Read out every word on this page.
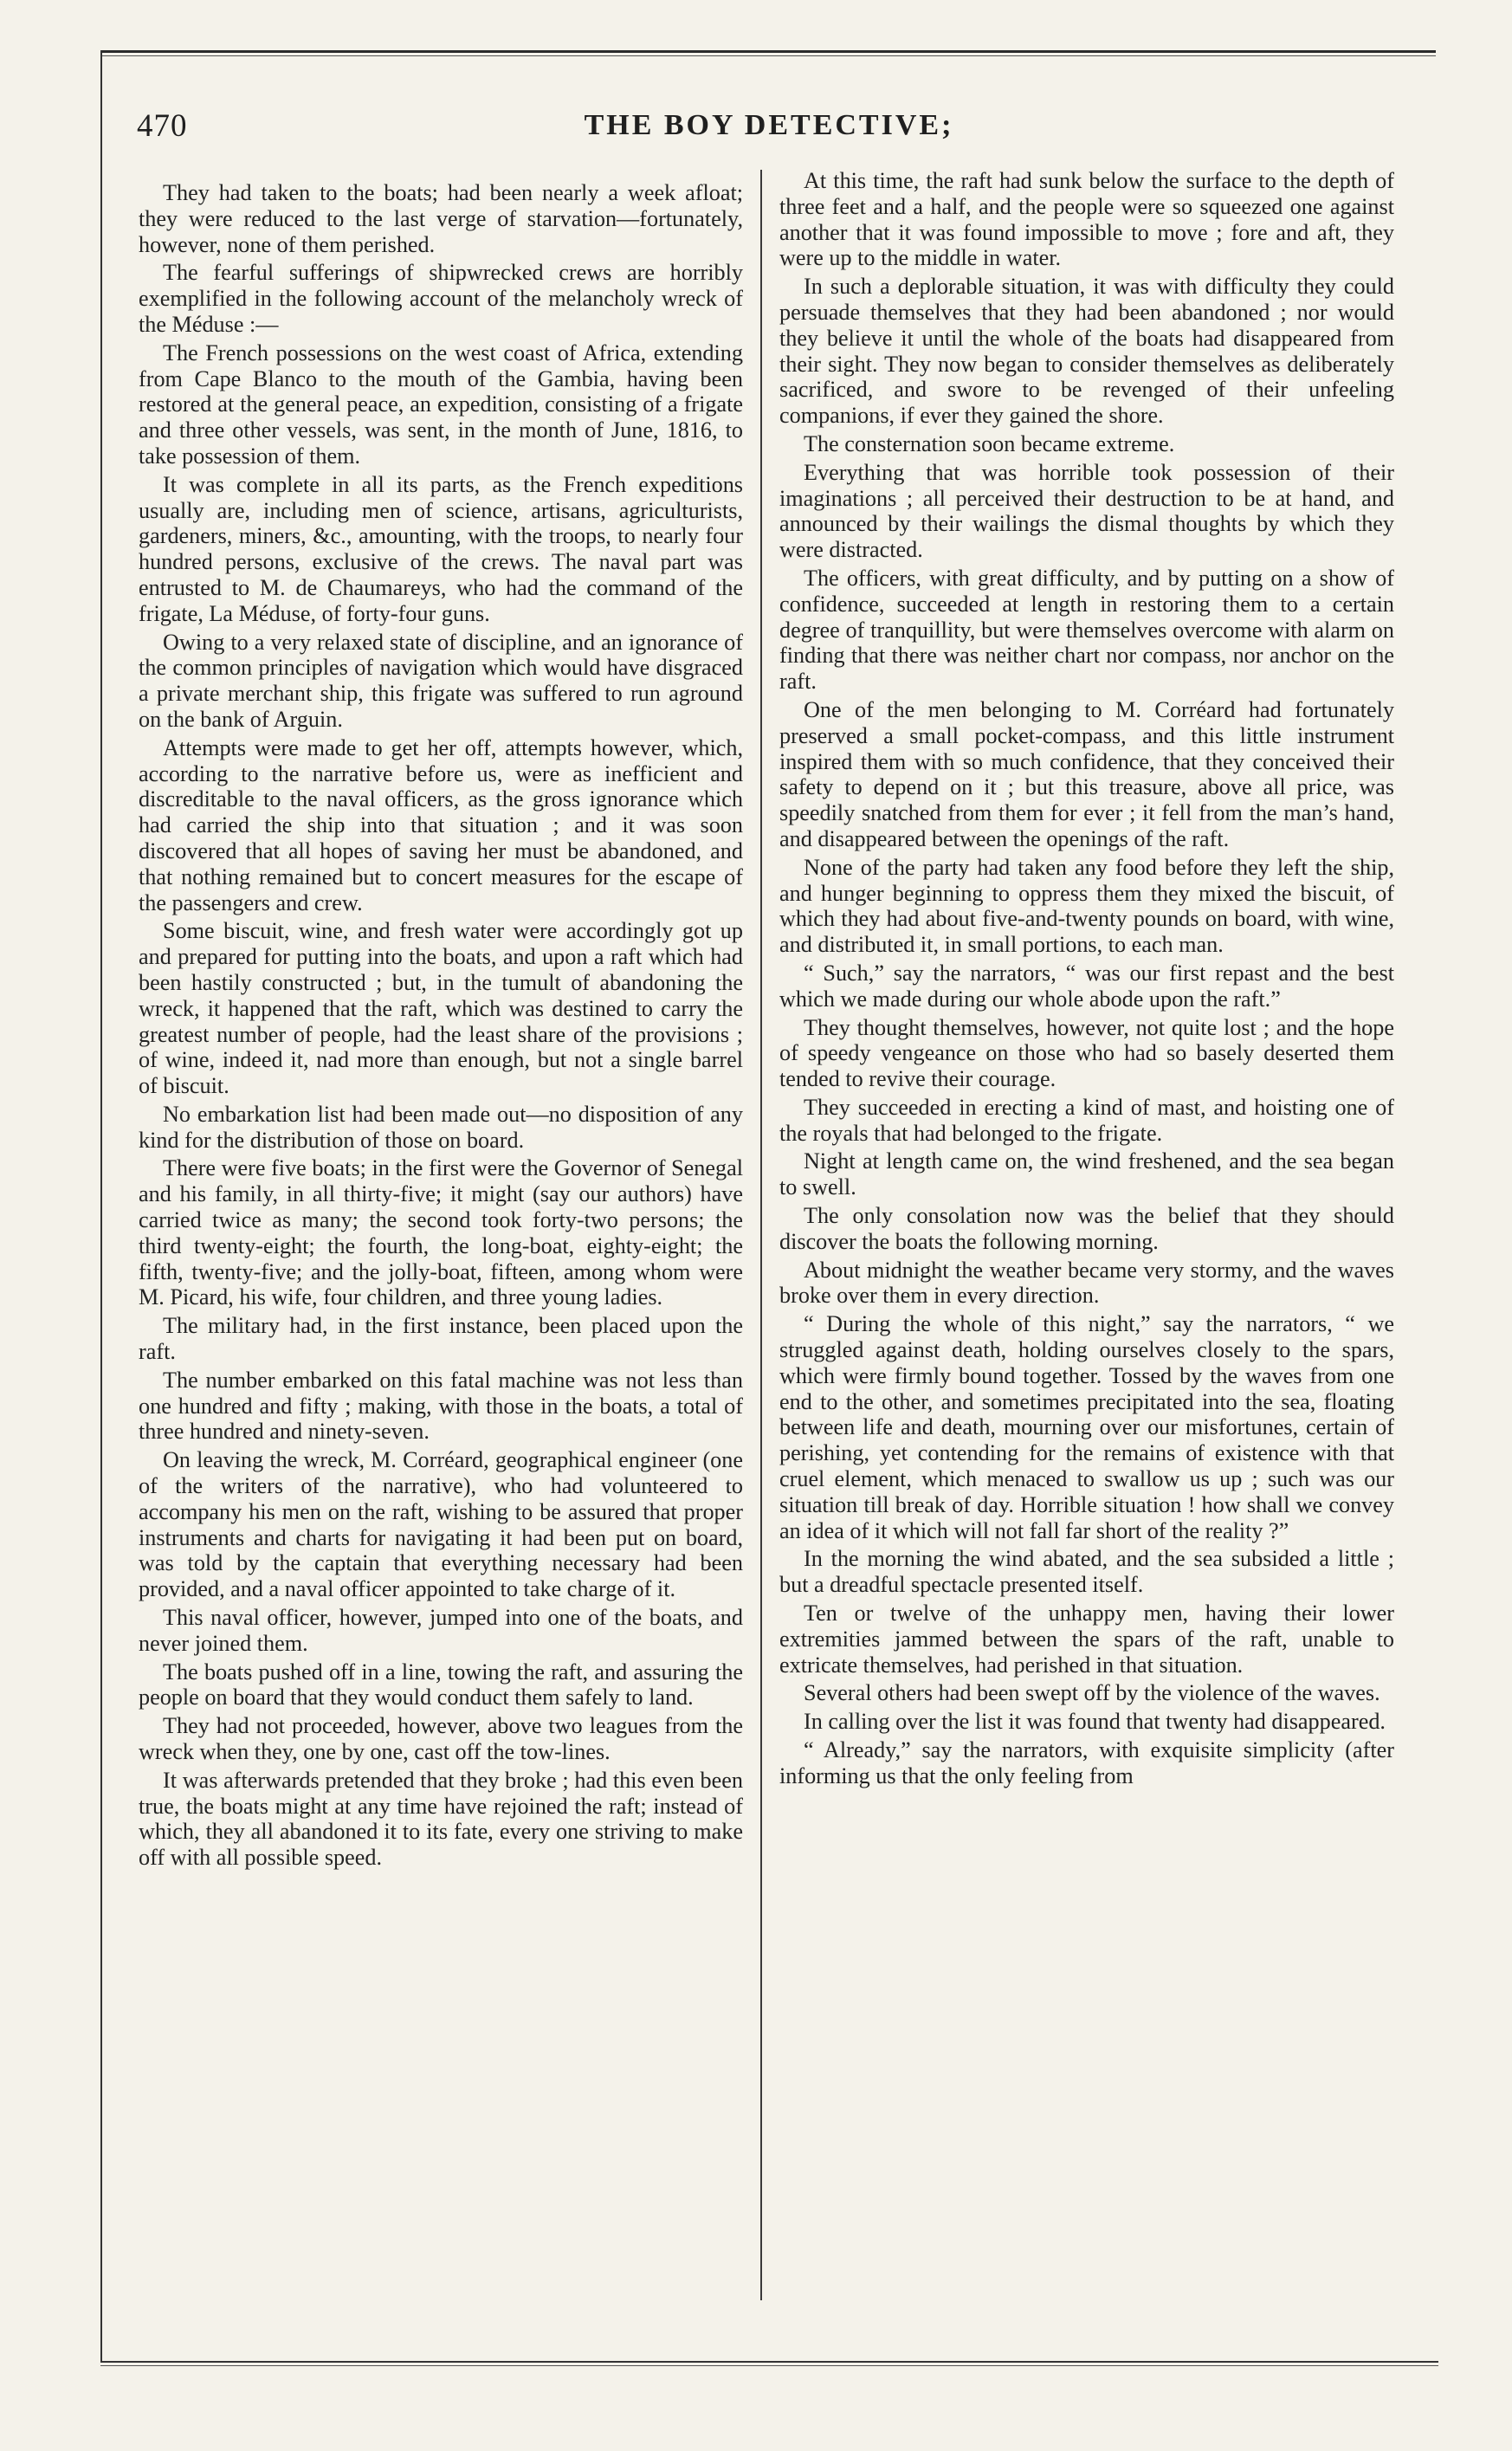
470	THE BOY DETECTIVE;

They had taken to the boats; had been nearly a week afloat; they were reduced to the last verge of starvation—fortunately, however, none of them perished.

The fearful sufferings of shipwrecked crews are horribly exemplified in the following account of the melancholy wreck of the Méduse :—

The French possessions on the west coast of Africa, extending from Cape Blanco to the mouth of the Gambia, having been restored at the general peace, an expedition, consisting of a frigate and three other vessels, was sent, in the month of June, 1816, to take possession of them.

It was complete in all its parts, as the French expeditions usually are, including men of science, artisans, agriculturists, gardeners, miners, &c., amounting, with the troops, to nearly four hundred persons, exclusive of the crews. The naval part was entrusted to M. de Chaumareys, who had the command of the frigate, La Méduse, of forty-four guns.

Owing to a very relaxed state of discipline, and an ignorance of the common principles of navigation which would have disgraced a private merchant ship, this frigate was suffered to run aground on the bank of Arguin.

Attempts were made to get her off, attempts however, which, according to the narrative before us, were as inefficient and discreditable to the naval officers, as the gross ignorance which had carried the ship into that situation ; and it was soon discovered that all hopes of saving her must be abandoned, and that nothing remained but to concert measures for the escape of the passengers and crew.

Some biscuit, wine, and fresh water were accordingly got up and prepared for putting into the boats, and upon a raft which had been hastily constructed ; but, in the tumult of abandoning the wreck, it happened that the raft, which was destined to carry the greatest number of people, had the least share of the provisions ; of wine, indeed it, nad more than enough, but not a single barrel of biscuit.

No embarkation list had been made out—no disposition of any kind for the distribution of those on board.

There were five boats; in the first were the Governor of Senegal and his family, in all thirty-five; it might (say our authors) have carried twice as many; the second took forty-two persons; the third twenty-eight; the fourth, the long-boat, eighty-eight; the fifth, twenty-five; and the jolly-boat, fifteen, among whom were M. Picard, his wife, four children, and three young ladies.

The military had, in the first instance, been placed upon the raft.

The number embarked on this fatal machine was not less than one hundred and fifty ; making, with those in the boats, a total of three hundred and ninety-seven.

On leaving the wreck, M. Corréard, geographical engineer (one of the writers of the narrative), who had volunteered to accompany his men on the raft, wishing to be assured that proper instruments and charts for navigating it had been put on board, was told by the captain that everything necessary had been provided, and a naval officer appointed to take charge of it.

This naval officer, however, jumped into one of the boats, and never joined them.

The boats pushed off in a line, towing the raft, and assuring the people on board that they would conduct them safely to land.

They had not proceeded, however, above two leagues from the wreck when they, one by one, cast off the tow-lines.

It was afterwards pretended that they broke ; had this even been true, the boats might at any time have rejoined the raft; instead of which, they all abandoned it to its fate, every one striving to make off with all possible speed.

At this time, the raft had sunk below the surface to the depth of three feet and a half, and the people were so squeezed one against another that it was found impossible to move ; fore and aft, they were up to the middle in water.

In such a deplorable situation, it was with difficulty they could persuade themselves that they had been abandoned ; nor would they believe it until the whole of the boats had disappeared from their sight. They now began to consider themselves as deliberately sacrificed, and swore to be revenged of their unfeeling companions, if ever they gained the shore.

The consternation soon became extreme.

Everything that was horrible took possession of their imaginations ; all perceived their destruction to be at hand, and announced by their wailings the dismal thoughts by which they were distracted.

The officers, with great difficulty, and by putting on a show of confidence, succeeded at length in restoring them to a certain degree of tranquillity, but were themselves overcome with alarm on finding that there was neither chart nor compass, nor anchor on the raft.

One of the men belonging to M. Corréard had fortunately preserved a small pocket-compass, and this little instrument inspired them with so much confidence, that they conceived their safety to depend on it ; but this treasure, above all price, was speedily snatched from them for ever ; it fell from the man’s hand, and disappeared between the openings of the raft.

None of the party had taken any food before they left the ship, and hunger beginning to oppress them they mixed the biscuit, of which they had about five-and-twenty pounds on board, with wine, and distributed it, in small portions, to each man.

“ Such,” say the narrators, “ was our first repast and the best which we made during our whole abode upon the raft.”

They thought themselves, however, not quite lost ; and the hope of speedy vengeance on those who had so basely deserted them tended to revive their courage.

They succeeded in erecting a kind of mast, and hoisting one of the royals that had belonged to the frigate.

Night at length came on, the wind freshened, and the sea began to swell.

The only consolation now was the belief that they should discover the boats the following morning.

About midnight the weather became very stormy, and the waves broke over them in every direction.

“ During the whole of this night,” say the narrators, “ we struggled against death, holding ourselves closely to the spars, which were firmly bound together. Tossed by the waves from one end to the other, and sometimes precipitated into the sea, floating between life and death, mourning over our misfortunes, certain of perishing, yet contending for the remains of existence with that cruel element, which menaced to swallow us up ; such was our situation till break of day. Horrible situation ! how shall we convey an idea of it which will not fall far short of the reality ?”

In the morning the wind abated, and the sea subsided a little ; but a dreadful spectacle presented itself.

Ten or twelve of the unhappy men, having their lower extremities jammed between the spars of the raft, unable to extricate themselves, had perished in that situation.

Several others had been swept off by the violence of the waves.

In calling over the list it was found that twenty had disappeared.

“ Already,” say the narrators, with exquisite simplicity (after informing us that the only feeling from
